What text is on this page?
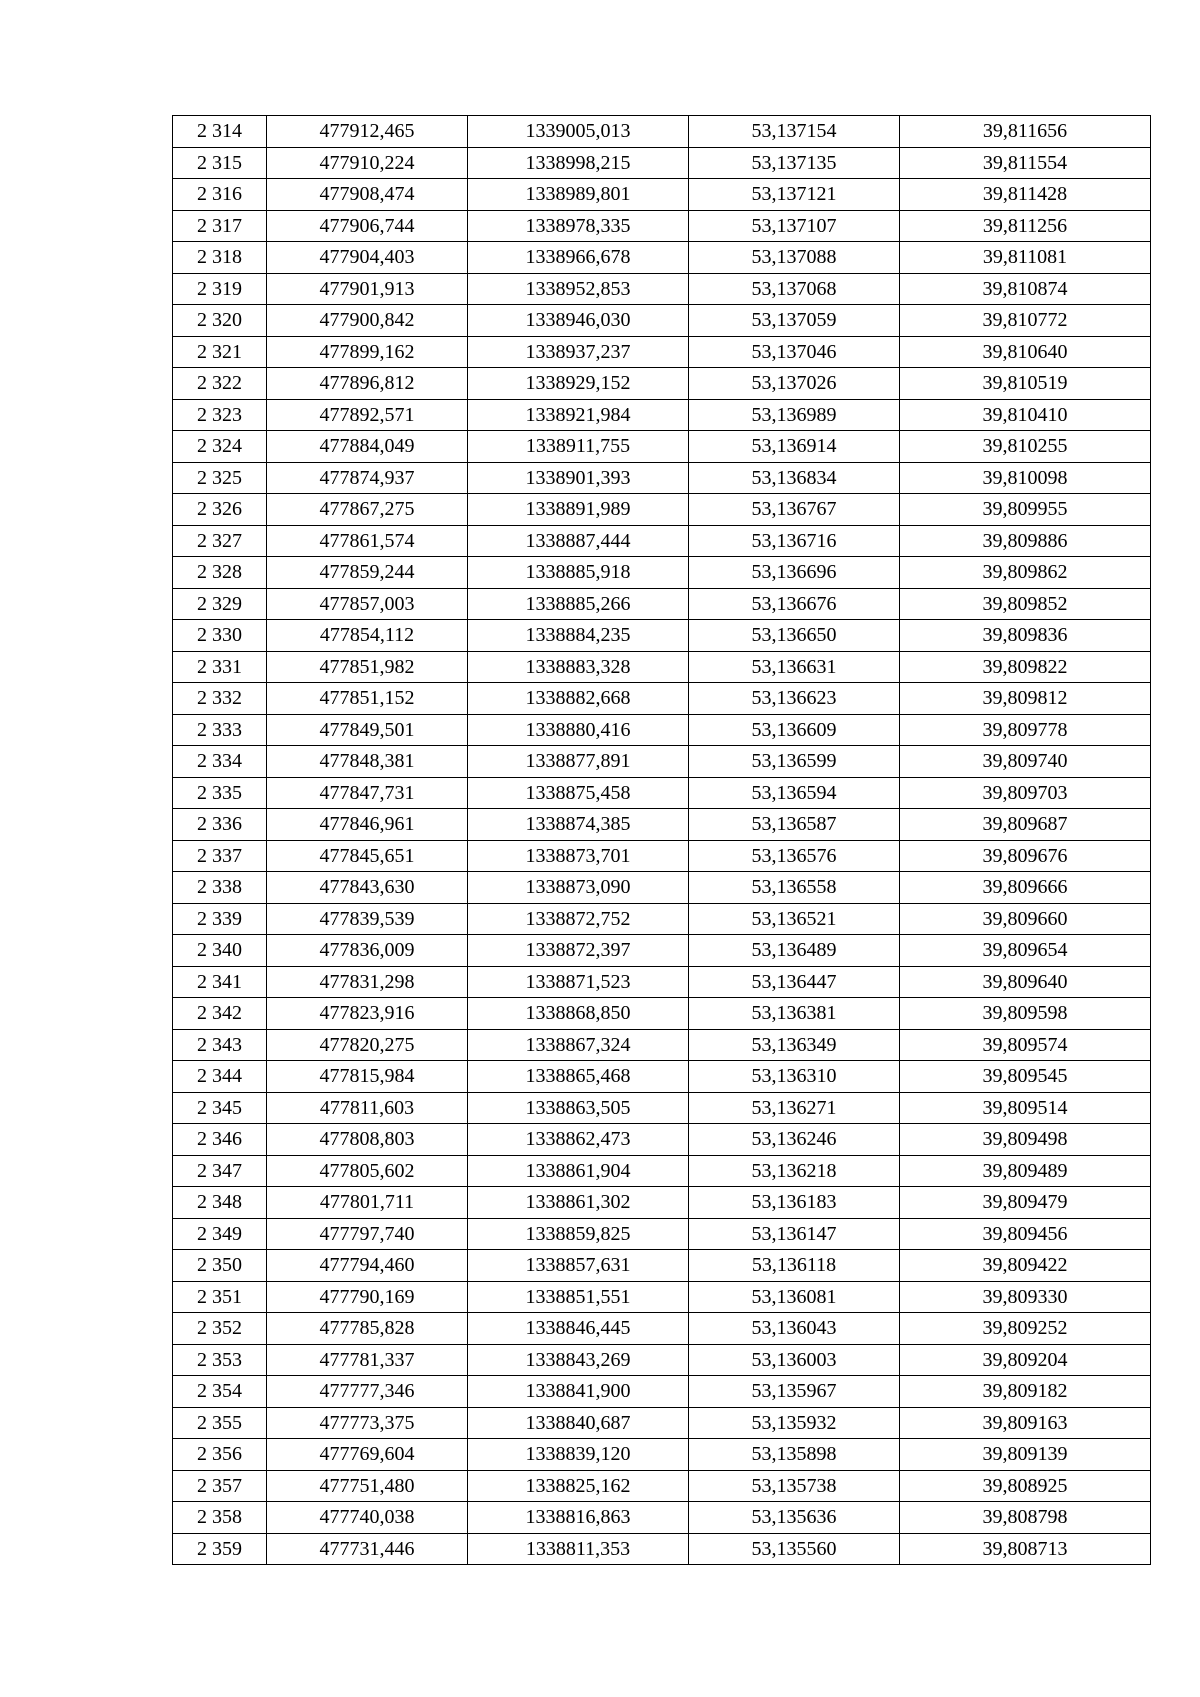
2 314	477912,465	1339005,013	53,137154	39,811656
2 315	477910,224	1338998,215	53,137135	39,811554
2 316	477908,474	1338989,801	53,137121	39,811428
2 317	477906,744	1338978,335	53,137107	39,811256
2 318	477904,403	1338966,678	53,137088	39,811081
2 319	477901,913	1338952,853	53,137068	39,810874
2 320	477900,842	1338946,030	53,137059	39,810772
2 321	477899,162	1338937,237	53,137046	39,810640
2 322	477896,812	1338929,152	53,137026	39,810519
2 323	477892,571	1338921,984	53,136989	39,810410
2 324	477884,049	1338911,755	53,136914	39,810255
2 325	477874,937	1338901,393	53,136834	39,810098
2 326	477867,275	1338891,989	53,136767	39,809955
2 327	477861,574	1338887,444	53,136716	39,809886
2 328	477859,244	1338885,918	53,136696	39,809862
2 329	477857,003	1338885,266	53,136676	39,809852
2 330	477854,112	1338884,235	53,136650	39,809836
2 331	477851,982	1338883,328	53,136631	39,809822
2 332	477851,152	1338882,668	53,136623	39,809812
2 333	477849,501	1338880,416	53,136609	39,809778
2 334	477848,381	1338877,891	53,136599	39,809740
2 335	477847,731	1338875,458	53,136594	39,809703
2 336	477846,961	1338874,385	53,136587	39,809687
2 337	477845,651	1338873,701	53,136576	39,809676
2 338	477843,630	1338873,090	53,136558	39,809666
2 339	477839,539	1338872,752	53,136521	39,809660
2 340	477836,009	1338872,397	53,136489	39,809654
2 341	477831,298	1338871,523	53,136447	39,809640
2 342	477823,916	1338868,850	53,136381	39,809598
2 343	477820,275	1338867,324	53,136349	39,809574
2 344	477815,984	1338865,468	53,136310	39,809545
2 345	477811,603	1338863,505	53,136271	39,809514
2 346	477808,803	1338862,473	53,136246	39,809498
2 347	477805,602	1338861,904	53,136218	39,809489
2 348	477801,711	1338861,302	53,136183	39,809479
2 349	477797,740	1338859,825	53,136147	39,809456
2 350	477794,460	1338857,631	53,136118	39,809422
2 351	477790,169	1338851,551	53,136081	39,809330
2 352	477785,828	1338846,445	53,136043	39,809252
2 353	477781,337	1338843,269	53,136003	39,809204
2 354	477777,346	1338841,900	53,135967	39,809182
2 355	477773,375	1338840,687	53,135932	39,809163
2 356	477769,604	1338839,120	53,135898	39,809139
2 357	477751,480	1338825,162	53,135738	39,808925
2 358	477740,038	1338816,863	53,135636	39,808798
2 359	477731,446	1338811,353	53,135560	39,808713
